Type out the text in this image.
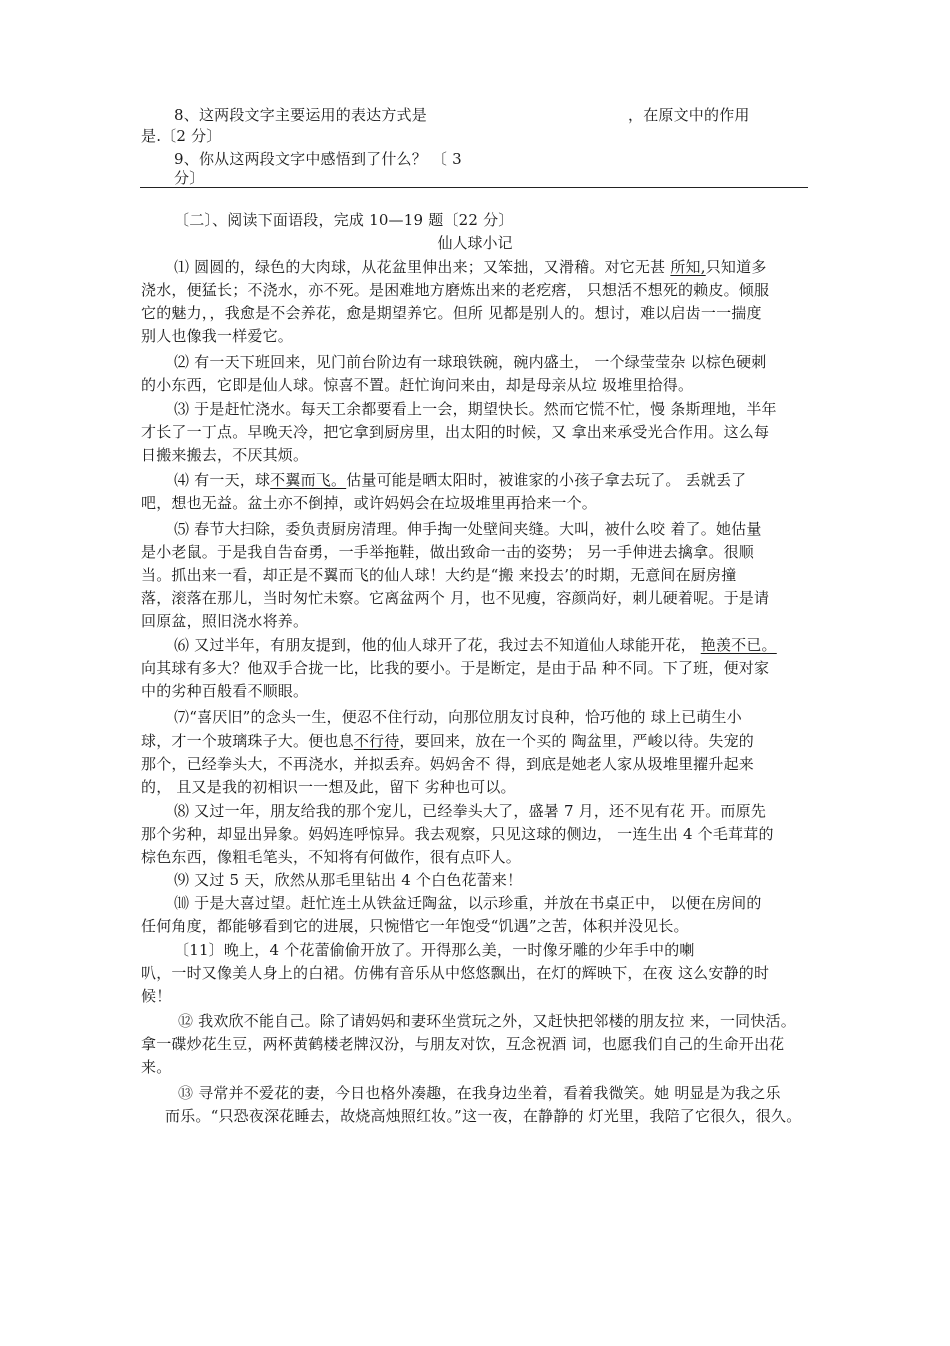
8、这两段文字主要运用的表达方式是	，在原文中的作用
是.〔2 分〕
9、你从这两段文字中感悟到了什么？ 〔 3
分〕
〔二〕、阅读下面语段，完成 10—19 题〔22 分〕
仙人球小记
⑴ 圆圆的，绿色的大肉球，从花盆里伸出来；又笨拙，又滑稽。对它无甚 所知,只知道多
浇水，便猛长；不浇水，亦不死。是困难地方磨炼出来的老疙瘩， 只想活不想死的赖皮。倾服
它的魅力，，我愈是不会养花，愈是期望养它。但所 见都是别人的。想讨，难以启齿一一揣度
别人也像我一样爱它。
⑵ 有一天下班回来，见门前台阶边有一球琅铁碗，碗内盛土， 一个绿莹莹杂 以棕色硬刺
的小东西，它即是仙人球。惊喜不置。赶忙询问来由，却是母亲从垃 圾堆里拾得。
⑶ 于是赶忙浇水。每天工余都要看上一会，期望快长。然而它慌不忙，慢 条斯理地，半年
才长了一丁点。早晚天冷，把它拿到厨房里，出太阳的时候，又 拿出来承受光合作用。这么每
日搬来搬去，不厌其烦。
⑷ 有一天，球不翼而飞。估量可能是晒太阳时，被谁家的小孩子拿去玩了。 丢就丢了
吧，想也无益。盆土亦不倒掉，或许妈妈会在垃圾堆里再拾来一个。
⑸ 春节大扫除，委负责厨房清理。伸手掏一处壁间夹缝。大叫，被什么咬 着了。她估量
是小老鼠。于是我自告奋勇，一手举拖鞋，做出致命一击的姿势； 另一手伸进去擒拿。很顺
当。抓出来一看，却正是不翼而飞的仙人球！大约是“搬 来投去’的时期，无意间在厨房撞
落，滚落在那儿，当时匆忙未察。它离盆两个 月，也不见瘦，容颜尚好，刺儿硬着呢。于是请
回原盆，照旧浇水将养。
⑹ 又过半年，有朋友提到，他的仙人球开了花，我过去不知道仙人球能开花， 艳羡不已。
向其球有多大？他双手合拢一比，比我的要小。于是断定，是由于品 种不同。下了班，便对家
中的劣种百般看不顺眼。
⑺“喜厌旧”的念头一生，便忍不住行动，向那位朋友讨良种，恰巧他的 球上已萌生小
球，才一个玻璃珠子大。便也息不行待，要回来，放在一个买的 陶盆里，严峻以待。失宠的
那个，已经拳头大，不再浇水，并拟丢弃。妈妈舍不 得，到底是她老人家从圾堆里擢升起来
的， 且又是我的初相识一一想及此，留下 劣种也可以。
⑻ 又过一年，朋友给我的那个宠儿，已经拳头大了，盛暑 7 月，还不见有花 开。而原先
那个劣种，却显出异象。妈妈连呼惊异。我去观察，只见这球的侧边， 一连生出 4 个毛茸茸的
棕色东西，像粗毛笔头，不知将有何做作，很有点吓人。
⑼ 又过 5 天，欣然从那毛里钻出 4 个白色花蕾来！
⑽ 于是大喜过望。赶忙连土从铁盆迁陶盆，以示珍重，并放在书桌正中， 以便在房间的
任何角度，都能够看到它的进展，只惋惜它一年饱受“饥遇”之苦，体积并没见长。
〔11〕晚上，4 个花蕾偷偷开放了。开得那么美，一时像牙雕的少年手中的喇
叭，一时又像美人身上的白裙。仿佛有音乐从中悠悠飘出，在灯的辉映下，在夜 这么安静的时
候！
⑫ 我欢欣不能自己。除了请妈妈和妻环坐赏玩之外，又赶快把邻楼的朋友拉 来，一同快活。
拿一碟炒花生豆，两杯黄鹤楼老牌汉汾，与朋友对饮，互念祝酒 词，也愿我们自己的生命开出花
来。
⑬ 寻常并不爱花的妻，今日也格外凑趣，在我身边坐着，看着我微笑。她 明显是为我之乐
而乐。“只恐夜深花睡去，故烧高烛照红妆。”这一夜，在静静的 灯光里，我陪了它很久，很久。
